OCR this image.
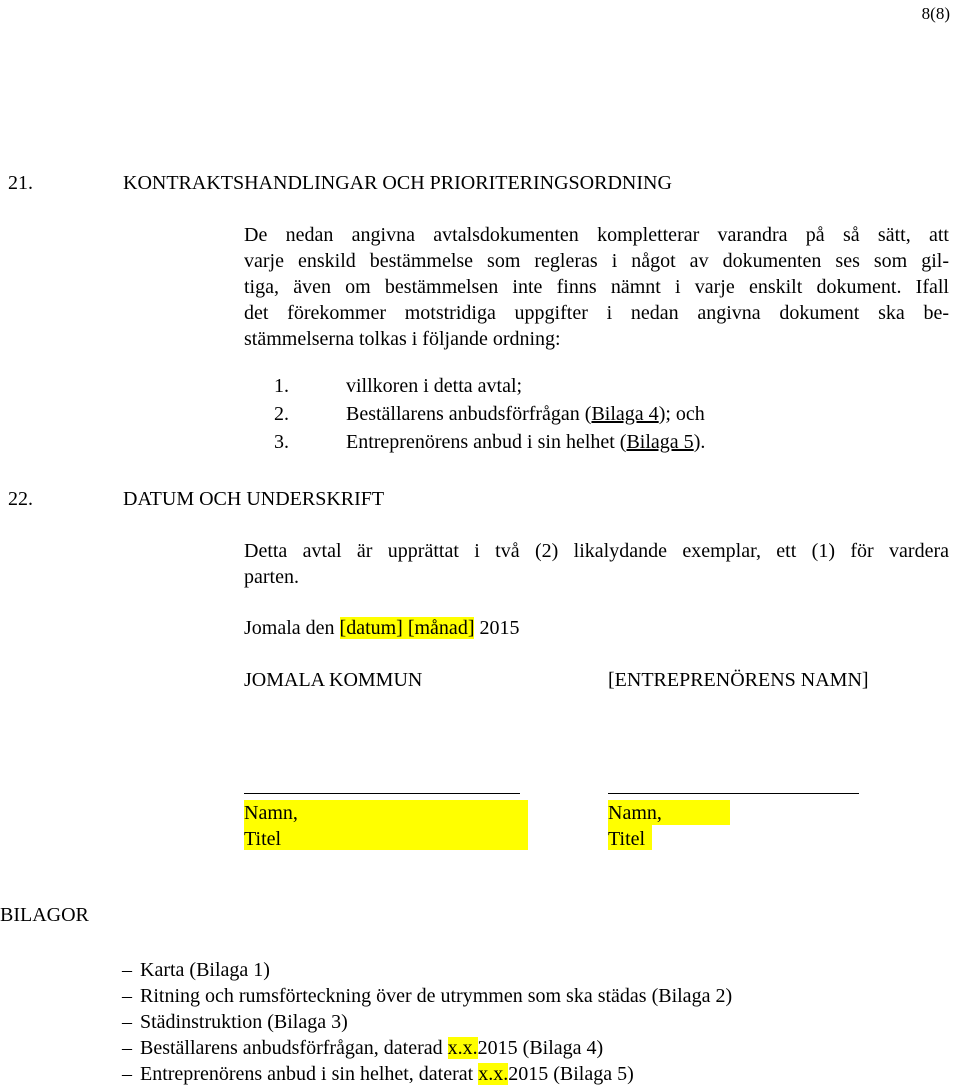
8(8)
21.	KONTRAKTSHANDLINGAR OCH PRIORITERINGSORDNING
De nedan angivna avtalsdokumenten kompletterar varandra på så sätt, att
varje enskild bestämmelse som regleras i något av dokumenten ses som gil-
tiga, även om bestämmelsen inte finns nämnt i varje enskilt dokument. Ifall
det förekommer motstridiga uppgifter i nedan angivna dokument ska be-
stämmelserna tolkas i följande ordning:
1.	villkoren i detta avtal;
2.	Beställarens anbudsförfrågan (Bilaga 4); och
3.	Entreprenörens anbud i sin helhet (Bilaga 5).
22.	DATUM OCH UNDERSKRIFT
Detta avtal är upprättat i två (2) likalydande exemplar, ett (1) för vardera
parten.
Jomala den [datum] [månad] 2015
JOMALA KOMMUN	[ENTREPRENÖRENS NAMN]
Namn,
Titel
Namn,
Titel
BILAGOR
– Karta (Bilaga 1)
– Ritning och rumsförteckning över de utrymmen som ska städas (Bilaga 2)
– Städinstruktion (Bilaga 3)
– Beställarens anbudsförfrågan, daterad x.x.2015 (Bilaga 4)
– Entreprenörens anbud i sin helhet, daterat x.x.2015 (Bilaga 5)
